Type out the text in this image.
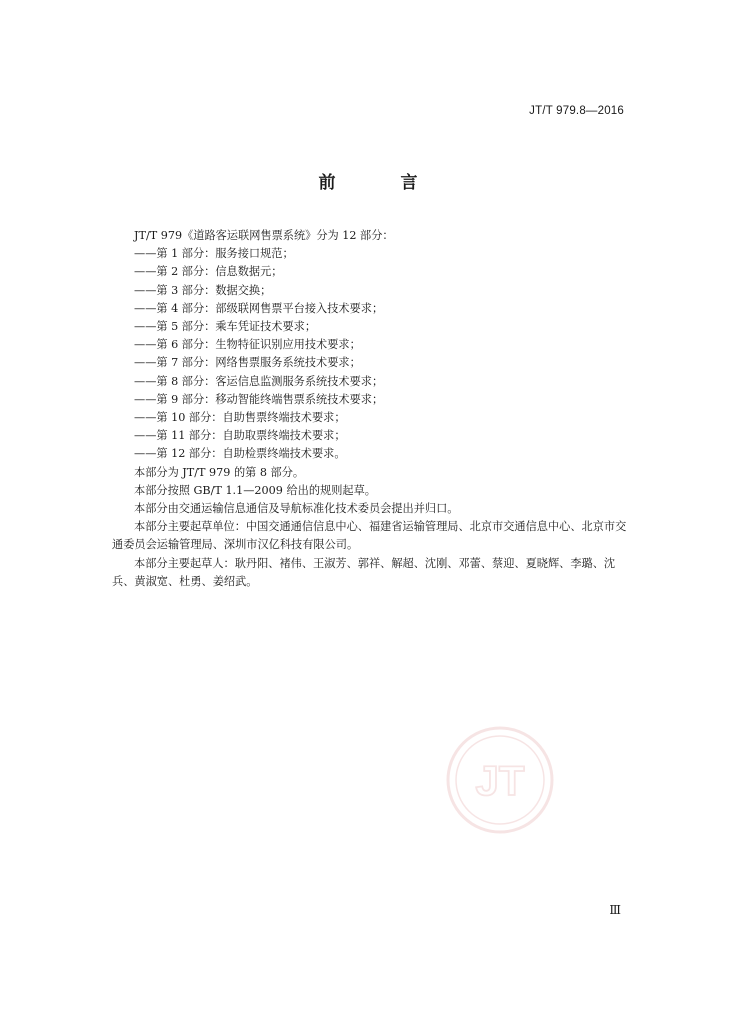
JT/T 979.8—2016
前　言

JT/T 979《道路客运联网售票系统》分为 12 部分：

——第 1 部分：服务接口规范；

——第 2 部分：信息数据元；

——第 3 部分：数据交换；

——第 4 部分：部级联网售票平台接入技术要求；

——第 5 部分：乘车凭证技术要求；

——第 6 部分：生物特征识别应用技术要求；

——第 7 部分：网络售票服务系统技术要求；

——第 8 部分：客运信息监测服务系统技术要求；

——第 9 部分：移动智能终端售票系统技术要求；

——第 10 部分：自助售票终端技术要求；

——第 11 部分：自助取票终端技术要求；

——第 12 部分：自助检票终端技术要求。

本部分为 JT/T 979 的第 8 部分。

本部分按照 GB/T 1.1—2009 给出的规则起草。

本部分由交通运输信息通信及导航标准化技术委员会提出并归口。

本部分主要起草单位：中国交通通信信息中心、福建省运输管理局、北京市交通信息中心、北京市交通委员会运输管理局、深圳市汉亿科技有限公司。

本部分主要起草人：耿丹阳、褚伟、王淑芳、郭祥、解超、沈刚、邓蕾、蔡迎、夏晓辉、李璐、沈兵、黄淑宽、杜勇、姜绍武。

JT
Ⅲ
